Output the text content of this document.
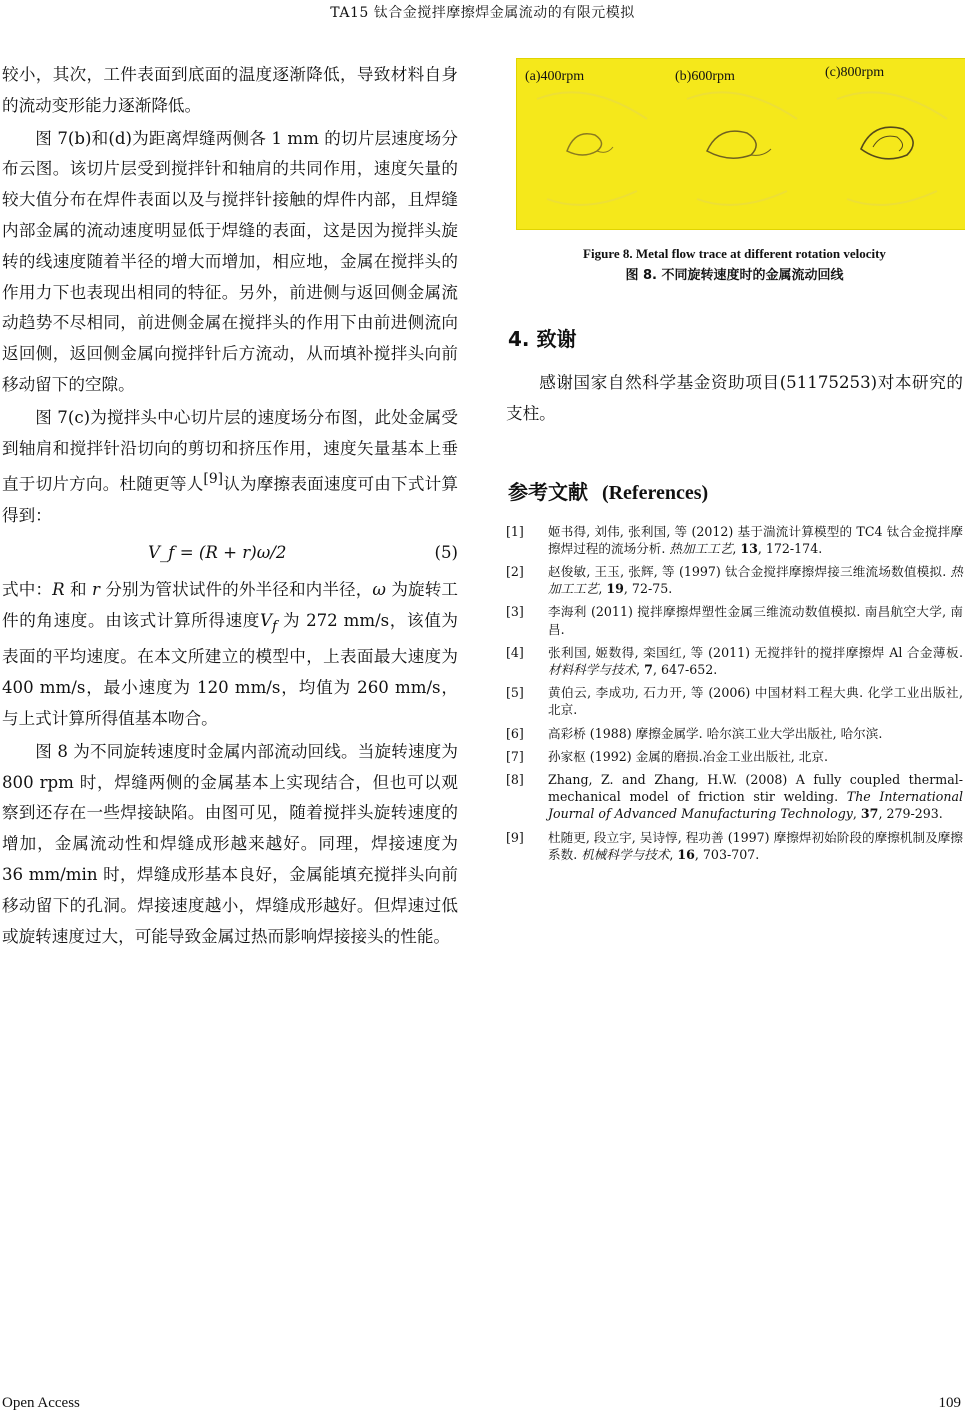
TA15 钛合金搅拌摩擦焊金属流动的有限元模拟

较小，其次，工件表面到底面的温度逐渐降低，导致材料自身的流动变形能力逐渐降低。

图 7(b)和(d)为距离焊缝两侧各 1 mm 的切片层速度场分布云图。该切片层受到搅拌针和轴肩的共同作用，速度矢量的较大值分布在焊件表面以及与搅拌针接触的焊件内部，且焊缝内部金属的流动速度明显低于焊缝的表面，这是因为搅拌头旋转的线速度随着半径的增大而增加，相应地，金属在搅拌头的作用力下也表现出相同的特征。另外，前进侧与返回侧金属流动趋势不尽相同，前进侧金属在搅拌头的作用下由前进侧流向返回侧，返回侧金属向搅拌针后方流动，从而填补搅拌头向前移动留下的空隙。

图 7(c)为搅拌头中心切片层的速度场分布图，此处金属受到轴肩和搅拌针沿切向的剪切和挤压作用，速度矢量基本上垂直于切片方向。杜随更等人[9]认为摩擦表面速度可由下式计算得到：

V_f = (R + r)ω/2	(5)

式中：R 和 r 分别为管状试件的外半径和内半径，ω 为旋转工件的角速度。由该式计算所得速度$V_f$ 为 272 mm/s，该值为表面的平均速度。在本文所建立的模型中，上表面最大速度为 400 mm/s，最小速度为 120 mm/s，均值为 260 mm/s，与上式计算所得值基本吻合。

图 8 为不同旋转速度时金属内部流动回线。当旋转速度为 800 rpm 时，焊缝两侧的金属基本上实现结合，但也可以观察到还存在一些焊接缺陷。由图可见，随着搅拌头旋转速度的增加，金属流动性和焊缝成形越来越好。同理，焊接速度为 36 mm/min 时，焊缝成形基本良好，金属能填充搅拌头向前移动留下的孔洞。焊接速度越小，焊缝成形越好。但焊速过低或旋转速度过大，可能导致金属过热而影响焊接接头的性能。

(a)400rpm	(b)600rpm	(c)800rpm
Figure 8. Metal flow trace at different rotation velocity
图 8. 不同旋转速度时的金属流动回线
4. 致谢
感谢国家自然科学基金资助项目(51175253)对本研究的支柱。
参考文献 (References)
[1]	姬书得, 刘伟, 张利国, 等 (2012) 基于湍流计算模型的 TC4 钛合金搅拌摩擦焊过程的流场分析. 热加工工艺, 13, 172-174.
[2]	赵俊敏, 王玉, 张辉, 等 (1997) 钛合金搅拌摩擦焊接三维流场数值模拟. 热加工工艺, 19, 72-75.
[3]	李海利 (2011) 搅拌摩擦焊塑性金属三维流动数值模拟. 南昌航空大学, 南昌.
[4]	张利国, 姬数得, 栾国红, 等 (2011) 无搅拌针的搅拌摩擦焊 Al 合金薄板. 材料科学与技术, 7, 647-652.
[5]	黄伯云, 李成功, 石力开, 等 (2006) 中国材料工程大典. 化学工业出版社, 北京.
[6]	高彩桥 (1988) 摩擦金属学. 哈尔滨工业大学出版社, 哈尔滨.
[7]	孙家枢 (1992) 金属的磨损.冶金工业出版社, 北京.
[8]	Zhang, Z. and Zhang, H.W. (2008) A fully coupled thermal-mechanical model of friction stir welding. The International Journal of Advanced Manufacturing Technology, 37, 279-293.
[9]	杜随更, 段立宇, 吴诗惇, 程功善 (1997) 摩擦焊初始阶段的摩擦机制及摩擦系数. 机械科学与技术, 16, 703-707.
Open Access	109
